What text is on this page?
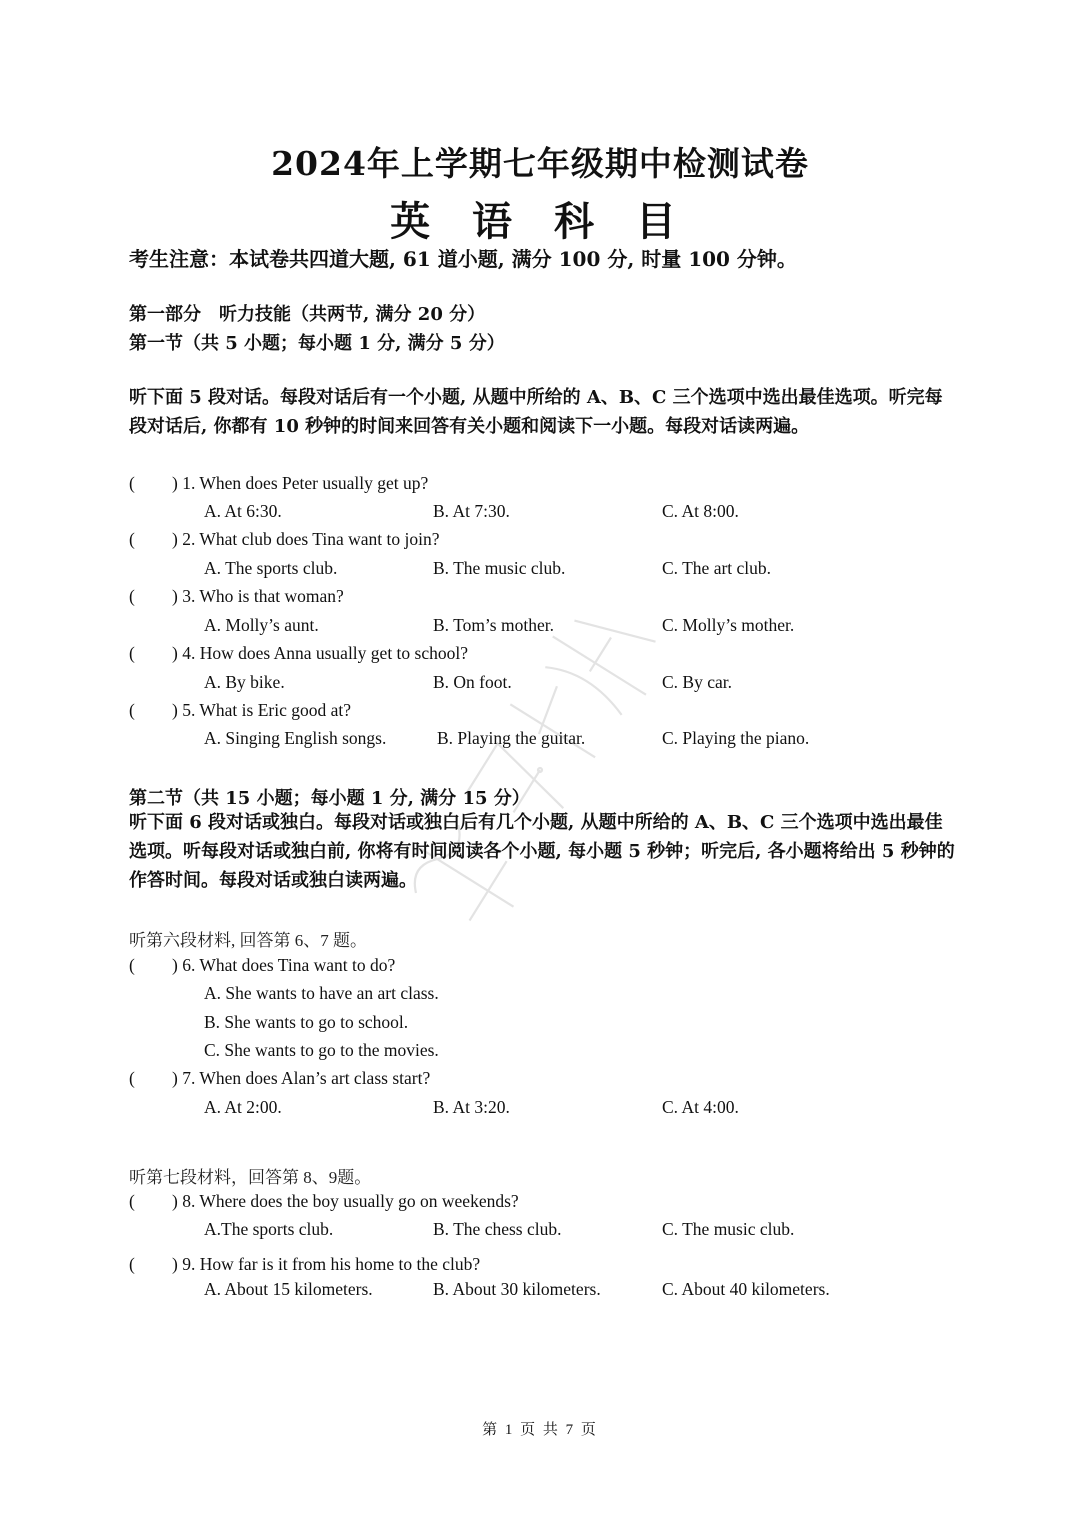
2024年上学期七年级期中检测试卷
英 语 科 目
考生注意：本试卷共四道大题, 61 道小题, 满分 100 分, 时量 100 分钟。
第一部分　听力技能（共两节, 满分 20 分）
第一节（共 5 小题；每小题 1 分, 满分 5 分）
听下面 5 段对话。每段对话后有一个小题, 从题中所给的 A、B、C 三个选项中选出最佳选项。听完每段对话后, 你都有 10 秒钟的时间来回答有关小题和阅读下一小题。每段对话读两遍。
( ) 1. When does Peter usually get up?
A. At 6:30.	B. At 7:30.	C. At 8:00.
( ) 2. What club does Tina want to join?
A. The sports club.	B. The music club.	C. The art club.
( ) 3. Who is that woman?
A. Molly’s aunt.	B. Tom’s mother.	C. Molly’s mother.
( ) 4. How does Anna usually get to school?
A. By bike.	B. On foot.	C. By car.
( ) 5. What is Eric good at?
A. Singing English songs.	B. Playing the guitar.	C. Playing the piano.
第二节（共 15 小题；每小题 1 分, 满分 15 分）
听下面 6 段对话或独白。每段对话或独白后有几个小题, 从题中所给的 A、B、C 三个选项中选出最佳选项。听每段对话或独白前, 你将有时间阅读各个小题, 每小题 5 秒钟；听完后, 各小题将给出 5 秒钟的作答时间。每段对话或独白读两遍。
听第六段材料, 回答第 6、7 题。
( ) 6. What does Tina want to do?
A. She wants to have an art class.
B. She wants to go to school.
C. She wants to go to the movies.
( ) 7. When does Alan’s art class start?
A. At 2:00.	B. At 3:20.	C. At 4:00.
听第七段材料，回答第 8、9题。
( ) 8. Where does the boy usually go on weekends?
A.The sports club.	B. The chess club.	C. The music club.
( ) 9. How far is it from his home to the club?
A. About 15 kilometers.	B. About 30 kilometers.	C. About 40 kilometers.
第 1 页 共 7 页
